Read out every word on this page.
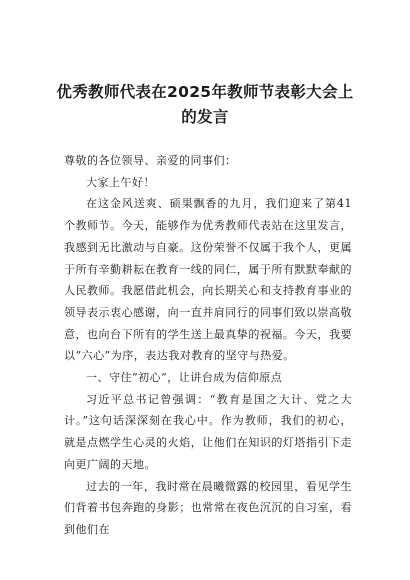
优秀教师代表在2025年教师节表彰大会上的发言

尊敬的各位领导、亲爱的同事们：

大家上午好！

在这金风送爽、硕果飘香的九月，我们迎来了第41个教师节。今天，能够作为优秀教师代表站在这里发言，我感到无比激动与自豪。这份荣誉不仅属于我个人，更属于所有辛勤耕耘在教育一线的同仁，属于所有默默奉献的人民教师。我愿借此机会，向长期关心和支持教育事业的领导表示衷心感谢，向一直并肩同行的同事们致以崇高敬意，也向台下所有的学生送上最真挚的祝福。今天，我要以“六心”为序，表达我对教育的坚守与热爱。

一、守住“初心”，让讲台成为信仰原点

习近平总书记曾强调：“教育是国之大计、党之大计。”这句话深深刻在我心中。作为教师，我们的初心，就是点燃学生心灵的火焰，让他们在知识的灯塔指引下走向更广阔的天地。

过去的一年，我时常在晨曦微露的校园里，看见学生们背着书包奔跑的身影；也常常在夜色沉沉的自习室，看到他们在
